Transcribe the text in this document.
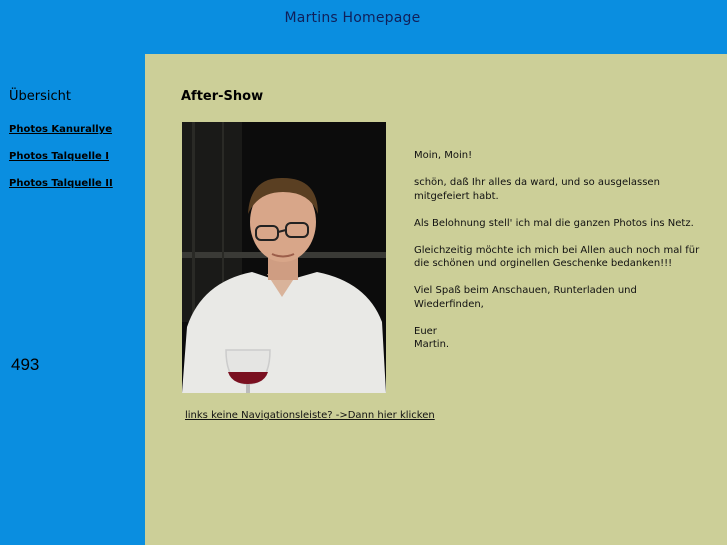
Martins Homepage
Übersicht
Photos Kanurallye
Photos Talquelle I
Photos Talquelle II
493
After-Show

Moin, Moin!

schön, daß Ihr alles da ward, und so ausgelassen mitgefeiert habt.

Als Belohnung stell' ich mal die ganzen Photos ins Netz.

Gleichzeitig möchte ich mich bei Allen auch noch mal für die schönen und orginellen Geschenke bedanken!!!

Viel Spaß beim Anschauen, Runterladen und Wiederfinden,

Euer
Martin.

links keine Navigationsleiste? ->Dann hier klicken
